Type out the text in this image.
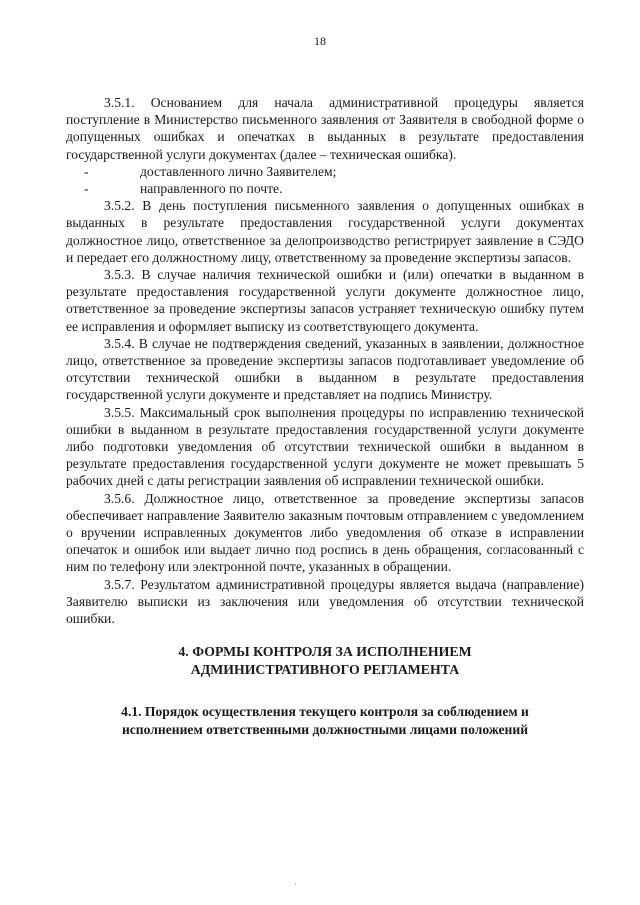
18

3.5.1. Основанием для начала административной процедуры является поступление в Министерство письменного заявления от Заявителя в свободной форме о допущенных ошибках и опечатках в выданных в результате предоставления государственной услуги документах (далее – техническая ошибка).

-	доставленного лично Заявителем;
-	направленного по почте.

3.5.2. В день поступления письменного заявления о допущенных ошибках в выданных в результате предоставления государственной услуги документах должностное лицо, ответственное за делопроизводство регистрирует заявление в СЭДО и передает его должностному лицу, ответственному за проведение экспертизы запасов.

3.5.3. В случае наличия технической ошибки и (или) опечатки в выданном в результате предоставления государственной услуги документе должностное лицо, ответственное за проведение экспертизы запасов устраняет техническую ошибку путем ее исправления и оформляет выписку из соответствующего документа.

3.5.4. В случае не подтверждения сведений, указанных в заявлении, должностное лицо, ответственное за проведение экспертизы запасов подготавливает уведомление об отсутствии технической ошибки в выданном в результате предоставления государственной услуги документе и представляет на подпись Министру.

3.5.5. Максимальный срок выполнения процедуры по исправлению технической ошибки в выданном в результате предоставления государственной услуги документе либо подготовки уведомления об отсутствии технической ошибки в выданном в результате предоставления государственной услуги документе не может превышать 5 рабочих дней с даты регистрации заявления об исправлении технической ошибки.

3.5.6. Должностное лицо, ответственное за проведение экспертизы запасов обеспечивает направление Заявителю заказным почтовым отправлением с уведомлением о вручении исправленных документов либо уведомления об отказе в исправлении опечаток и ошибок или выдает лично под роспись в день обращения, согласованный с ним по телефону или электронной почте, указанных в обращении.

3.5.7. Результатом административной процедуры является выдача (направление) Заявителю выписки из заключения или уведомления об отсутствии технической ошибки.

4. ФОРМЫ КОНТРОЛЯ ЗА ИСПОЛНЕНИЕМ
АДМИНИСТРАТИВНОГО РЕГЛАМЕНТА
4.1. Порядок осуществления текущего контроля за соблюдением и
исполнением ответственными должностными лицами положений
·
